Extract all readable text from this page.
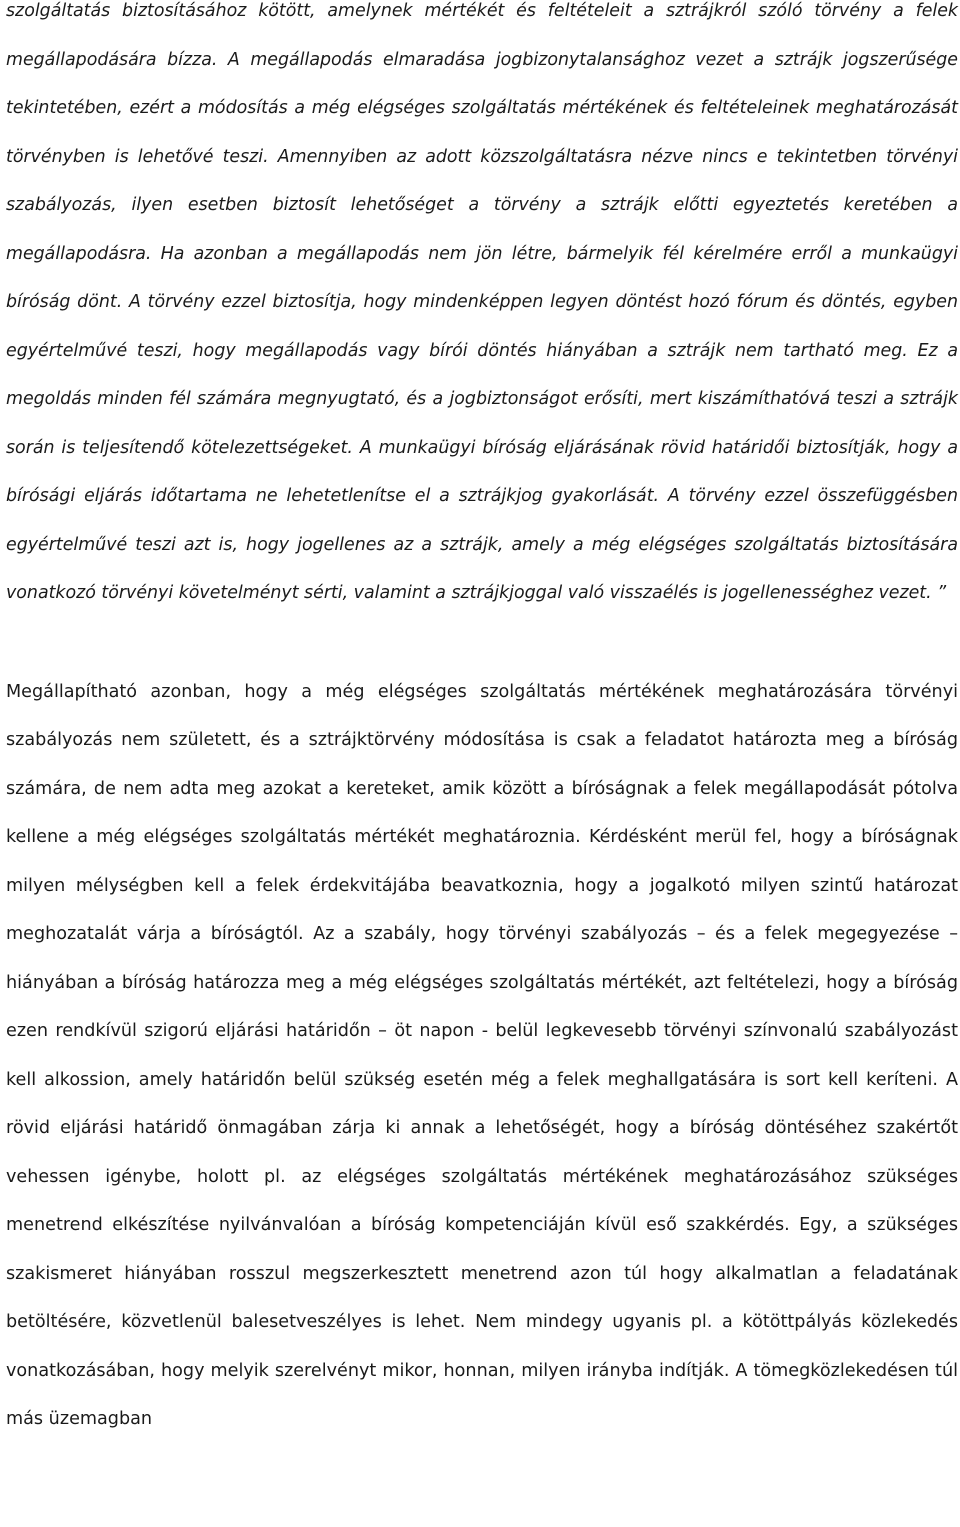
szolgáltatás biztosításához kötött, amelynek mértékét és feltételeit a sztrájkról szóló törvény a felek megállapodására bízza. A megállapodás elmaradása jogbizonytalansághoz vezet a sztrájk jogszerűsége tekintetében, ezért a módosítás a még elégséges szolgáltatás mértékének és feltételeinek meghatározását törvényben is lehetővé teszi. Amennyiben az adott közszolgáltatásra nézve nincs e tekintetben törvényi szabályozás, ilyen esetben biztosít lehetőséget a törvény a sztrájk előtti egyeztetés keretében a megállapodásra. Ha azonban a megállapodás nem jön létre, bármelyik fél kérelmére erről a munkaügyi bíróság dönt. A törvény ezzel biztosítja, hogy mindenképpen legyen döntést hozó fórum és döntés, egyben egyértelművé teszi, hogy megállapodás vagy bírói döntés hiányában a sztrájk nem tartható meg. Ez a megoldás minden fél számára megnyugtató, és a jogbiztonságot erősíti, mert kiszámíthatóvá teszi a sztrájk során is teljesítendő kötelezettségeket. A munkaügyi bíróság eljárásának rövid határidői biztosítják, hogy a bírósági eljárás időtartama ne lehetetlenítse el a sztrájkjog gyakorlását. A törvény ezzel összefüggésben egyértelművé teszi azt is, hogy jogellenes az a sztrájk, amely a még elégséges szolgáltatás biztosítására vonatkozó törvényi követelményt sérti, valamint a sztrájkjoggal való visszaélés is jogellenességhez vezet. ”

Megállapítható azonban, hogy a még elégséges szolgáltatás mértékének meghatározására törvényi szabályozás nem született, és a sztrájktörvény módosítása is csak a feladatot határozta meg a bíróság számára, de nem adta meg azokat a kereteket, amik között a bíróságnak a felek megállapodását pótolva kellene a még elégséges szolgáltatás mértékét meghatároznia. Kérdésként merül fel, hogy a bíróságnak milyen mélységben kell a felek érdekvitájába beavatkoznia, hogy a jogalkotó milyen szintű határozat meghozatalát várja a bíróságtól. Az a szabály, hogy törvényi szabályozás – és a felek megegyezése – hiányában a bíróság határozza meg a még elégséges szolgáltatás mértékét, azt feltételezi, hogy a bíróság ezen rendkívül szigorú eljárási határidőn – öt napon - belül legkevesebb törvényi színvonalú szabályozást kell alkossion, amely határidőn belül szükség esetén még a felek meghallgatására is sort kell keríteni. A rövid eljárási határidő önmagában zárja ki annak a lehetőségét, hogy a bíróság döntéséhez szakértőt vehessen igénybe, holott pl. az elégséges szolgáltatás mértékének meghatározásához szükséges menetrend elkészítése nyilvánvalóan a bíróság kompetenciáján kívül eső szakkérdés. Egy, a szükséges szakismeret hiányában rosszul megszerkesztett menetrend azon túl hogy alkalmatlan a feladatának betöltésére, közvetlenül balesetveszélyes is lehet. Nem mindegy ugyanis pl. a kötöttpályás közlekedés vonatkozásában, hogy melyik szerelvényt mikor, honnan, milyen irányba indítják. A tömegközlekedésen túl más üzemagban
